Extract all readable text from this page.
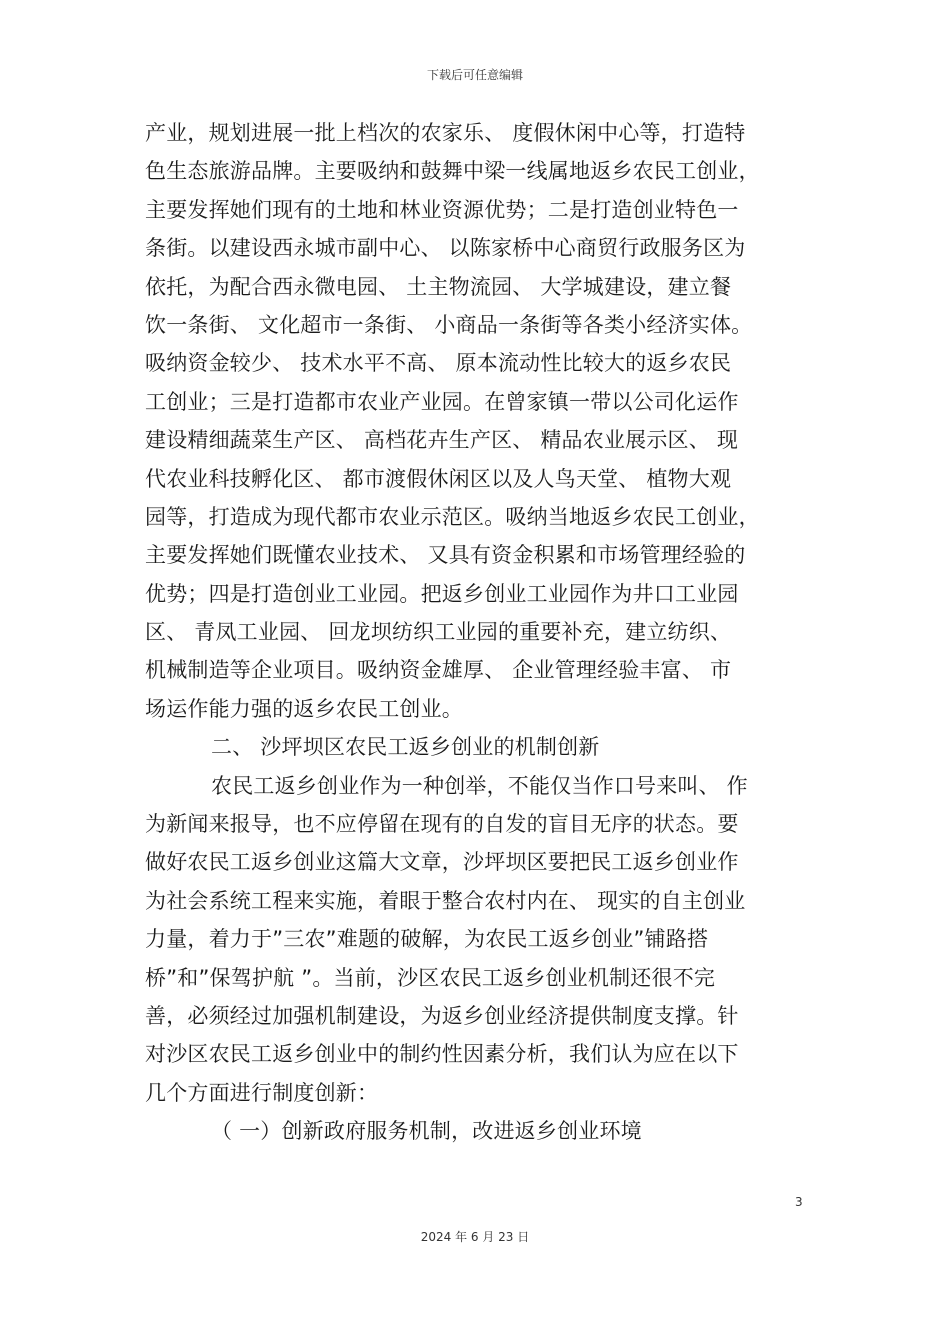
下载后可任意编辑
产业，规划进展一批上档次的农家乐、 度假休闲中心等，打造特
色生态旅游品牌。主要吸纳和鼓舞中梁一线属地返乡农民工创业，
主要发挥她们现有的土地和林业资源优势；二是打造创业特色一
条街。以建设西永城市副中心、 以陈家桥中心商贸行政服务区为
依托，为配合西永微电园、 土主物流园、 大学城建设，建立餐
饮一条街、 文化超市一条街、 小商品一条街等各类小经济实体。
吸纳资金较少、 技术水平不高、 原本流动性比较大的返乡农民
工创业；三是打造都市农业产业园。在曾家镇一带以公司化运作
建设精细蔬菜生产区、 高档花卉生产区、 精品农业展示区、 现
代农业科技孵化区、 都市渡假休闲区以及人鸟天堂、 植物大观
园等，打造成为现代都市农业示范区。吸纳当地返乡农民工创业，
主要发挥她们既懂农业技术、 又具有资金积累和市场管理经验的
优势；四是打造创业工业园。把返乡创业工业园作为井口工业园
区、 青凤工业园、 回龙坝纺织工业园的重要补充，建立纺织、
机械制造等企业项目。吸纳资金雄厚、 企业管理经验丰富、 市
场运作能力强的返乡农民工创业。
二、 沙坪坝区农民工返乡创业的机制创新
农民工返乡创业作为一种创举，不能仅当作口号来叫、 作
为新闻来报导，也不应停留在现有的自发的盲目无序的状态。要
做好农民工返乡创业这篇大文章，沙坪坝区要把民工返乡创业作
为社会系统工程来实施，着眼于整合农村内在、 现实的自主创业
力量，着力于”三农”难题的破解，为农民工返乡创业”铺路搭
桥”和”保驾护航 ”。当前，沙区农民工返乡创业机制还很不完
善，必须经过加强机制建设，为返乡创业经济提供制度支撑。针
对沙区农民工返乡创业中的制约性因素分析，我们认为应在以下
几个方面进行制度创新：
（ 一）创新政府服务机制，改进返乡创业环境
3
2024 年 6 月 23 日
